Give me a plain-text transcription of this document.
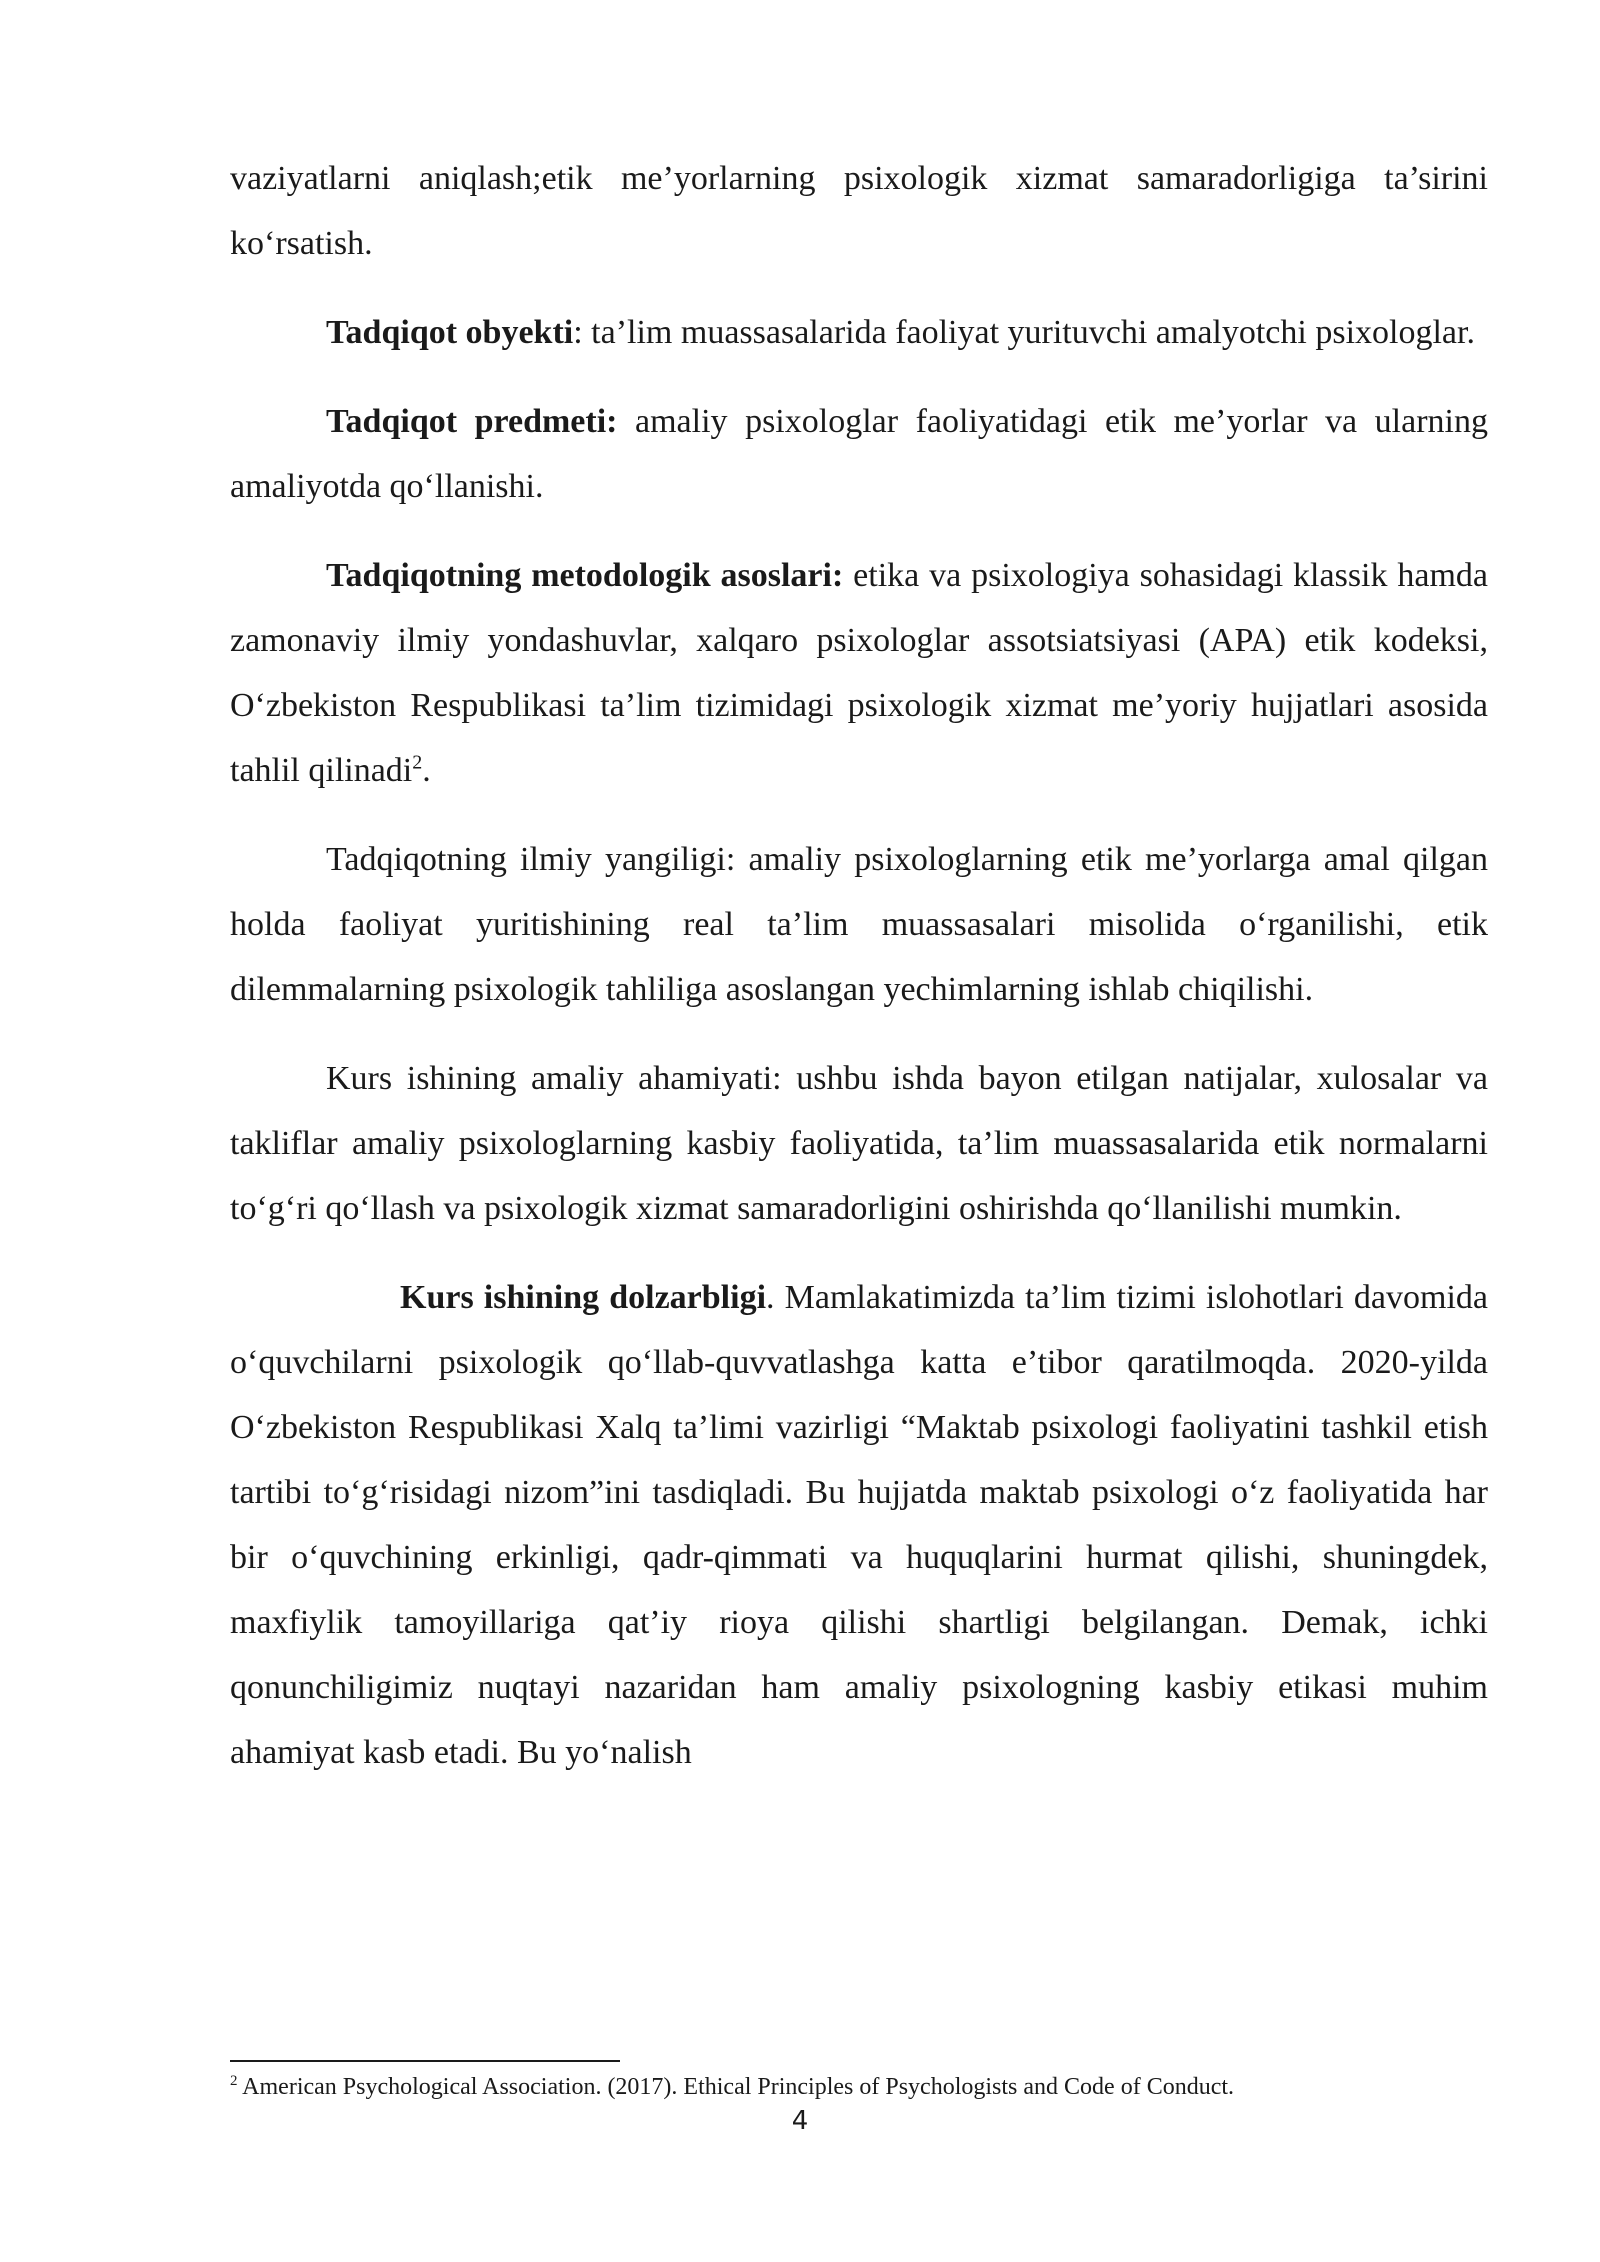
vaziyatlarni aniqlash;etik me’yorlarning psixologik xizmat samaradorligiga ta’sirini ko‘rsatish.

Tadqiqot obyekti: ta’lim muassasalarida faoliyat yurituvchi amalyotchi psixologlar.

Tadqiqot predmeti: amaliy psixologlar faoliyatidagi etik me’yorlar va ularning amaliyotda qo‘llanishi.

Tadqiqotning metodologik asoslari: etika va psixologiya sohasidagi klassik hamda zamonaviy ilmiy yondashuvlar, xalqaro psixologlar assotsiatsiyasi (APA) etik kodeksi, O‘zbekiston Respublikasi ta’lim tizimidagi psixologik xizmat me’yoriy hujjatlari asosida tahlil qilinadi$^2$.

Tadqiqotning ilmiy yangiligi: amaliy psixologlarning etik me’yorlarga amal qilgan holda faoliyat yuritishining real ta’lim muassasalari misolida o‘rganilishi, etik dilemmalarning psixologik tahliliga asoslangan yechimlarning ishlab chiqilishi.

Kurs ishining amaliy ahamiyati: ushbu ishda bayon etilgan natijalar, xulosalar va takliflar amaliy psixologlarning kasbiy faoliyatida, ta’lim muassasalarida etik normalarni to‘g‘ri qo‘llash va psixologik xizmat samaradorligini oshirishda qo‘llanilishi mumkin.

Kurs ishining dolzarbligi. Mamlakatimizda ta’lim tizimi islohotlari davomida o‘quvchilarni psixologik qo‘llab-quvvatlashga katta e’tibor qaratilmoqda. 2020-yilda O‘zbekiston Respublikasi Xalq ta’limi vazirligi “Maktab psixologi faoliyatini tashkil etish tartibi to‘g‘risidagi nizom”ini tasdiqladi. Bu hujjatda maktab psixologi o‘z faoliyatida har bir o‘quvchining erkinligi, qadr-qimmati va huquqlarini hurmat qilishi, shuningdek, maxfiylik tamoyillariga qat’iy rioya qilishi shartligi belgilangan. Demak, ichki qonunchiligimiz nuqtayi nazaridan ham amaliy psixologning kasbiy etikasi muhim ahamiyat kasb etadi. Bu yo‘nalish

$^2$ American Psychological Association. (2017). Ethical Principles of Psychologists and Code of Conduct.

4
